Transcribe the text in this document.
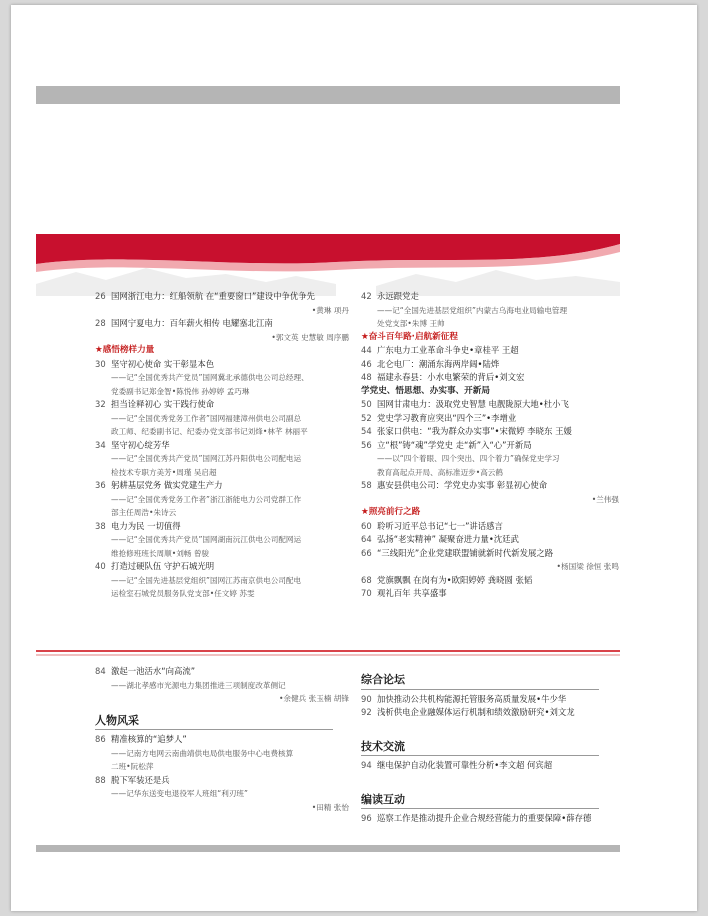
26 国网浙江电力：红船领航 在“重要窗口”建设中争优争先
•黄琳 项丹
28 国网宁夏电力：百年薪火相传 电耀塞北江南
•郭文英 史慧敏 周序鹏
★感悟榜样力量
30 坚守初心使命 实干彰显本色
——记“全国优秀共产党员”国网冀北承德供电公司总经理、
党委副书记郑金智•陈悦伟 孙婷婷 孟巧琳
32 担当诠释初心 实干践行使命
——记“全国优秀党务工作者”国网福建漳州供电公司副总
政工师、纪委副书记、纪委办党支部书记刘烽•林芊 林丽平
34 坚守初心绽芳华
——记“全国优秀共产党员”国网江苏丹阳供电公司配电运
检技术专职方美芳•周瑾 吴启超
36 躬耕基层党务 做实党建生产力
——记“全国优秀党务工作者”浙江浙能电力公司党群工作
部主任周浩•朱诗云
38 电力为民 一切值得
——记“全国优秀共产党员”国网湖南沅江供电公司配网运
维抢修班班长周顺•刘畅 曾骏
40 打造过硬队伍 守护石城光明
——记“全国先进基层党组织”国网江苏南京供电公司配电
运检室石城党员服务队党支部•任文婷 苏雯
42 永远跟党走
——记“全国先进基层党组织”内蒙古乌海电业局输电管理
处党支部•朱博 王帅
★奋斗百年路·启航新征程
44 广东电力工业革命斗争史•章桂平 王超
46 北仑电厂：潮涌东海两岸阔•陆烨
48 福建永春县：小水电繁荣的背后•刘文宏
学党史、悟思想、办实事、开新局
50 国网甘肃电力：汲取党史智慧 电靓陇原大地•杜小飞
52 党史学习教育应突出“四个三”•李增业
54 张家口供电：“我为群众办实事”•宋微婷 李晓东 王媛
56 立“根”铸“魂”学党史 走“新”入“心”开新局
——以“四个着眼、四个突出、四个着力”确保党史学习
教育高起点开局、高标准迈步•高云鹤
58 惠安县供电公司：学党史办实事 彰显初心使命
•兰伟强
★照亮前行之路
60 聆听习近平总书记“七一”讲话感言
64 弘扬“老实精神” 凝聚奋进力量•沈廷武
66 “三线阳光”企业党建联盟铺就新时代新发展之路
•杨国梁 徐恒 张鸣
68 党旗飘飘 在岗有为•欧阳婷婷 龚晓圆 张韬
70 观礼百年 共享盛事
84 激起一池活水“向高流”
——湖北孝感市光源电力集团推进三项制度改革侧记
•余健兵 张玉楠 胡锋
人物风采
86 精准核算的“追梦人”
——记南方电网云南曲靖供电局供电服务中心电费核算
二班•阮松萍
88 脱下军装还是兵
——记华东送变电退役军人班组“利刃班”
•田精 张怡
综合论坛
90 加快推动公共机构能源托管服务高质量发展•牛少华
92 浅析供电企业融媒体运行机制和绩效激励研究•刘文龙
技术交流
94 继电保护自动化装置可靠性分析•李文超 何宾超
编读互动
96 巡察工作是推动提升企业合规经营能力的重要保障•薛存德
